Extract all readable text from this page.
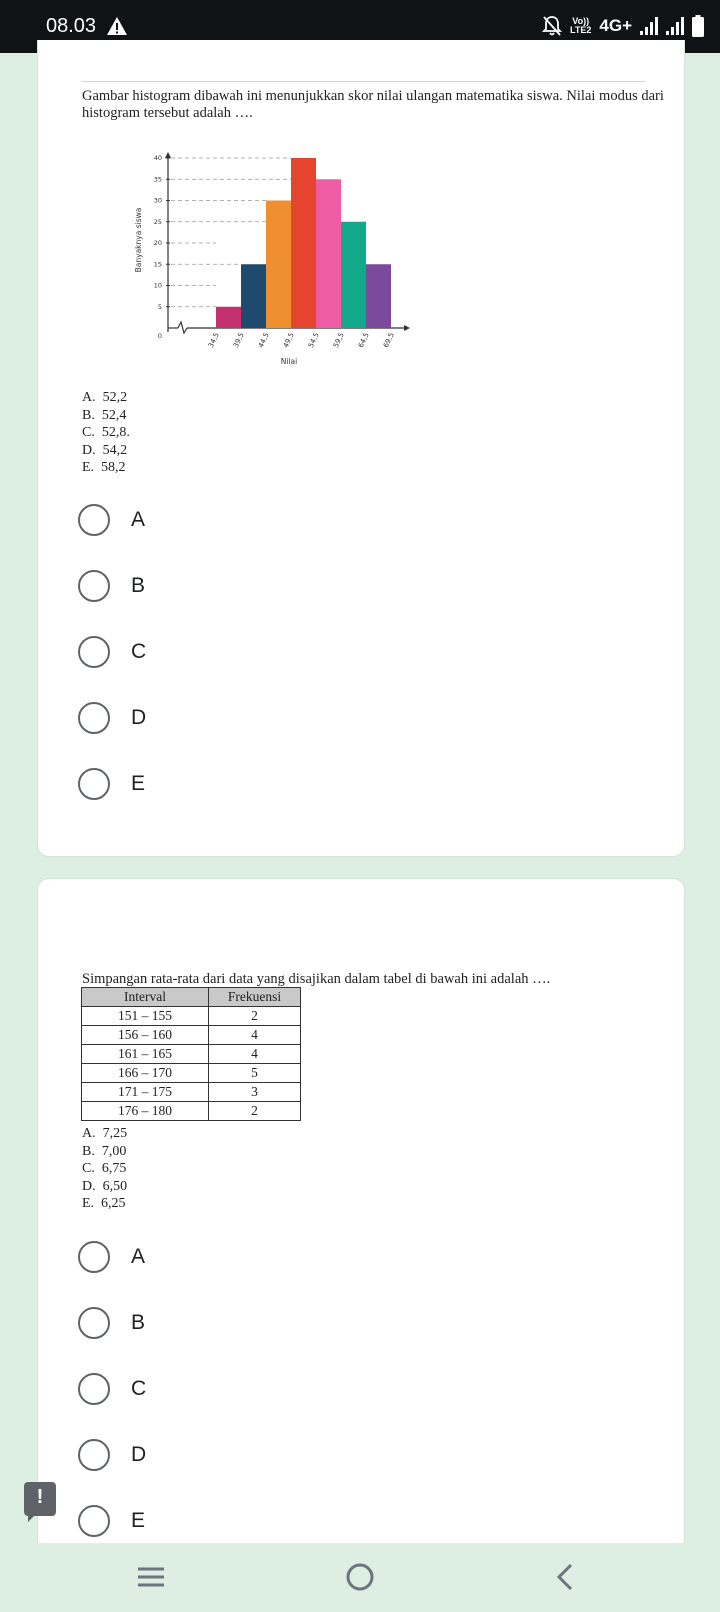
08.03	Vo))
LTE2 4G+
Gambar histogram dibawah ini menunjukkan skor nilai ulangan matematika siswa. Nilai modus dari histogram tersebut adalah ….
0
5
10
15
20
25
30
35
40
34,5 39,5 44,5 49,5 54,5 59,5 64,5 69,5
Nilai
Banyaknya siswa
A.  52,2
B.  52,4
C.  52,8.
D.  54,2
E.  58,2
A
B
C
D
E
Simpangan rata-rata dari data yang disajikan dalam tabel di bawah ini adalah ….
Interval	Frekuensi
151 – 155	2
156 – 160	4
161 – 165	4
166 – 170	5
171 – 175	3
176 – 180	2
A.  7,25
B.  7,00
C.  6,75
D.  6,50
E.  6,25
A
B
C
D
E
!
